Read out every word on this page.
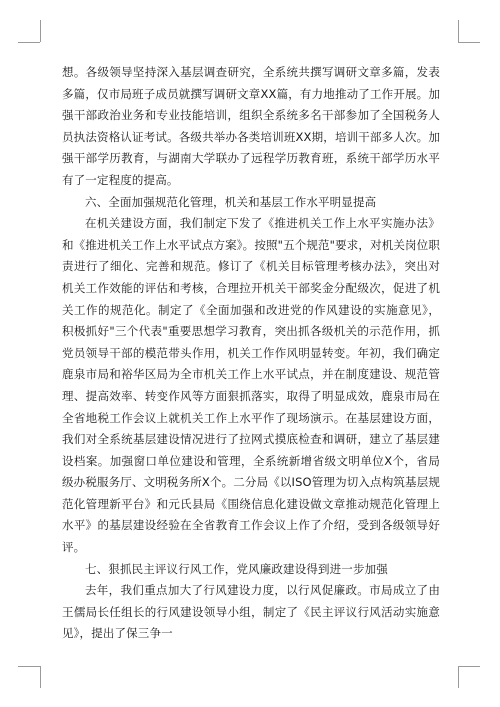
想。各级领导坚持深入基层调查研究，全系统共撰写调研文章多篇，发表多篇，仅市局班子成员就撰写调研文章XX篇，有力地推动了工作开展。加强干部政治业务和专业技能培训，组织全系统多名干部参加了全国税务人员执法资格认证考试。各级共举办各类培训班XX期，培训干部多人次。加强干部学历教育，与湖南大学联办了远程学历教育班，系统干部学历水平有了一定程度的提高。

六、全面加强规范化管理，机关和基层工作水平明显提高

在机关建设方面，我们制定下发了《推进机关工作上水平实施办法》和《推进机关工作上水平试点方案》。按照"五个规范"要求，对机关岗位职责进行了细化、完善和规范。修订了《机关目标管理考核办法》，突出对机关工作效能的评估和考核，合理拉开机关干部奖金分配级次，促进了机关工作的规范化。制定了《全面加强和改进党的作风建设的实施意见》，积极抓好"三个代表"重要思想学习教育，突出抓各级机关的示范作用，抓党员领导干部的模范带头作用，机关工作作风明显转变。年初，我们确定鹿泉市局和裕华区局为全市机关工作上水平试点，并在制度建设、规范管理、提高效率、转变作风等方面狠抓落实，取得了明显成效，鹿泉市局在全省地税工作会议上就机关工作上水平作了现场演示。在基层建设方面，我们对全系统基层建设情况进行了拉网式摸底检查和调研，建立了基层建设档案。加强窗口单位建设和管理，全系统新增省级文明单位X个，省局级办税服务厅、文明税务所X个。二分局《以ISO管理为切入点构筑基层规范化管理新平台》和元氏县局《围绕信息化建设做文章推动规范化管理上水平》的基层建设经验在全省教育工作会议上作了介绍，受到各级领导好评。

七、狠抓民主评议行风工作，党风廉政建设得到进一步加强

去年，我们重点加大了行风建设力度，以行风促廉政。市局成立了由王儒局长任组长的行风建设领导小组，制定了《民主评议行风活动实施意见》，提出了保三争一
